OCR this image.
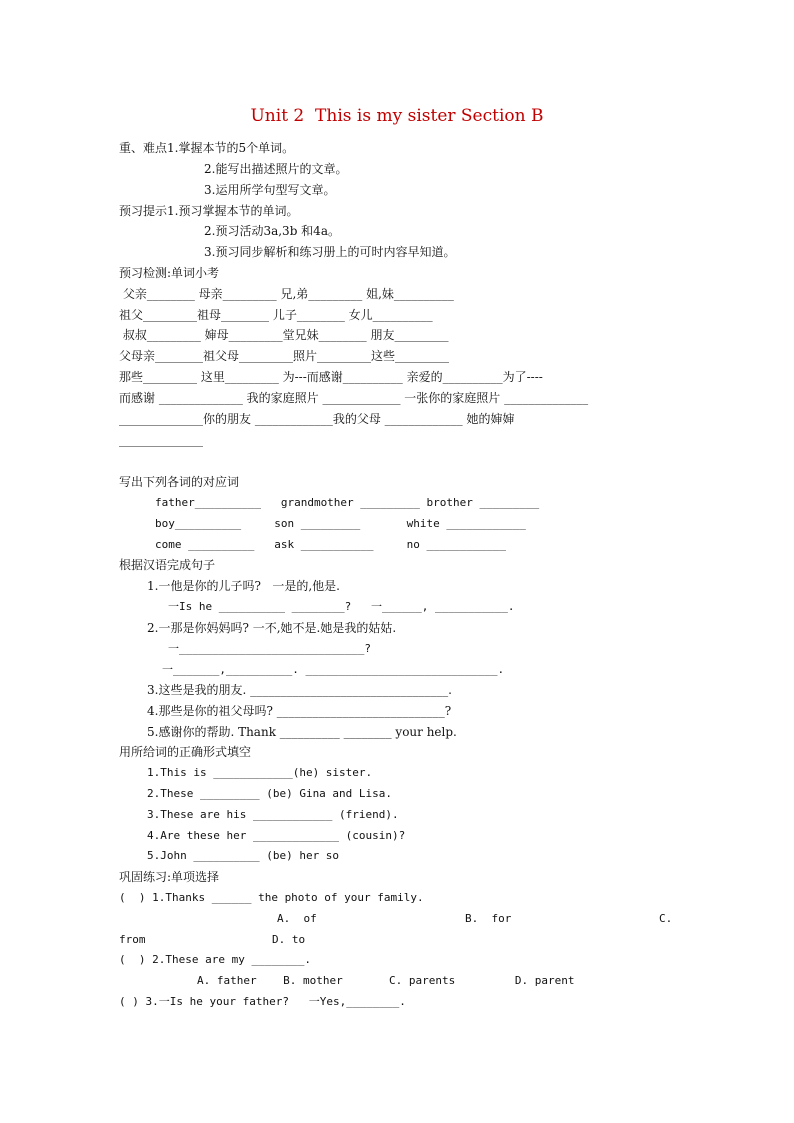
Unit 2  This is my sister Section B
重、难点1.掌握本节的5个单词。
2.能写出描述照片的文章。
3.运用所学句型写文章。
预习提示1.预习掌握本节的单词。
2.预习活动3a,3b 和4a。
3.预习同步解析和练习册上的可时内容早知道。
预习检测:单词小考
父亲________ 母亲_________ 兄,弟_________ 姐,妹__________
祖父_________祖母________ 儿子________ 女儿__________
叔叔_________ 婶母_________堂兄妹________ 朋友_________
父母亲________祖父母_________照片_________这些_________
那些_________ 这里_________ 为---而感谢__________ 亲爱的__________为了----
而感谢 ______________ 我的家庭照片 _____________ 一张你的家庭照片 ______________
______________你的朋友 _____________我的父母 _____________ 她的婶婶
______________
写出下列各词的对应词
father__________   grandmother _________ brother _________
boy__________     son _________       white ____________
come __________   ask ___________     no ____________
根据汉语完成句子
1.一他是你的儿子吗?   一是的,他是.
一Is he __________ ________?   一______, ___________.
2.一那是你妈妈吗? 一不,她不是.她是我的姑姑.
一____________________________?
一_______,__________. _____________________________.
3.这些是我的朋友. _________________________________.
4.那些是你的祖父母吗? ____________________________?
5.感谢你的帮助. Thank __________ ________ your help.
用所给词的正确形式填空
1.This is ____________(he) sister.
2.These _________ (be) Gina and Lisa.
3.These are his ____________ (friend).
4.Are these her _____________ (cousin)?
5.John __________ (be) her so
巩固练习:单项选择
(  ) 1.Thanks ______ the photo of your family.
A.  of	B.  for	C.
from	D. to
(  ) 2.These are my ________.
A. father    B. mother       C. parents         D. parent
( ) 3.一Is he your father?   一Yes,________.
